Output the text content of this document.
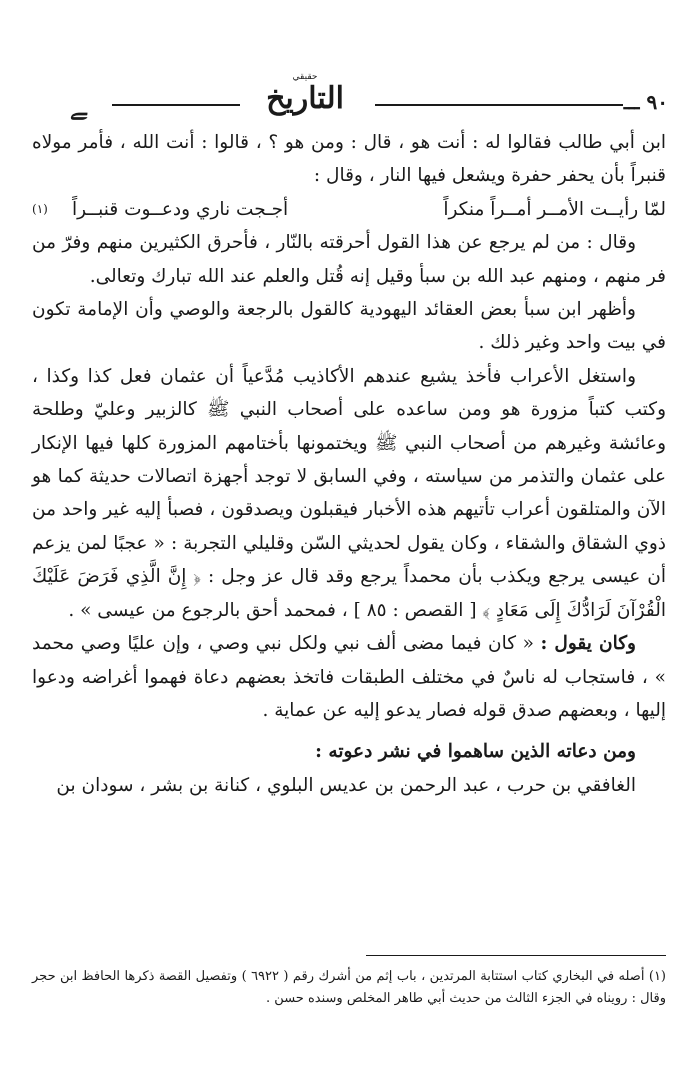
ﮯ
حقيقي
التاريخ	٩٠ ـــ

ابن أبي طالب فقالوا له : أنت هو ، قال : ومن هو ؟ ، قالوا : أنت الله ، فأمر مولاه قنبراً بأن يحفر حفرة ويشعل فيها النار ، وقال :

لمّا رأيــت الأمــر أمــراً منكراً
أجـجت ناري ودعــوت قنبــراً
(١)

وقال : من لم يرجع عن هذا القول أحرقته بالنّار ، فأحرق الكثيرين منهم وفرّ من فر منهم ، ومنهم عبد الله بن سبأ وقيل إنه قُتل والعلم عند الله تبارك وتعالى.

وأظهر ابن سبأ بعض العقائد اليهودية كالقول بالرجعة والوصي وأن الإمامة تكون في بيت واحد وغير ذلك .

واستغل الأعراب فأخذ يشيع عندهم الأكاذيب مُدَّعياً أن عثمان فعل كذا وكذا ، وكتب كتباً مزورة هو ومن ساعده على أصحاب النبي ﷺ كالزبير وعليّ وطلحة وعائشة وغيرهم من أصحاب النبي ﷺ ويختمونها بأختامهم المزورة كلها فيها الإنكار على عثمان والتذمر من سياسته ، وفي السابق لا توجد أجهزة اتصالات حديثة كما هو الآن والمتلقون أعراب تأتيهم هذه الأخبار فيقبلون ويصدقون ، فصبأ إليه غير واحد من ذوي الشقاق والشقاء ، وكان يقول لحديثي السّن وقليلي التجربة : « عجبًا لمن يزعم أن عيسى يرجع ويكذب بأن محمداً يرجع وقد قال عز وجل : ﴿ إِنَّ الَّذِي فَرَضَ عَلَيْكَ الْقُرْآنَ لَرَادُّكَ إِلَى مَعَادٍ ﴾ [ القصص : ٨٥ ] ، فمحمد أحق بالرجوع من عيسى » .

وكان يقول : « كان فيما مضى ألف نبي ولكل نبي وصي ، وإن عليًا وصي محمد » ، فاستجاب له ناسٌ في مختلف الطبقات فاتخذ بعضهم دعاة فهموا أغراضه ودعوا إليها ، وبعضهم صدق قوله فصار يدعو إليه عن عماية .

ومن دعاته الذين ساهموا في نشر دعوته :

الغافقي بن حرب ، عبد الرحمن بن عديس البلوي ، كنانة بن بشر ، سودان بن

(١) أصله في البخاري كتاب استتابة المرتدين ، باب إثم من أشرك رقم ( ٦٩٢٢ ) وتفصيل القصة ذكرها الحافظ ابن حجر وقال : رويناه في الجزء الثالث من حديث أبي طاهر المخلص وسنده حسن .
